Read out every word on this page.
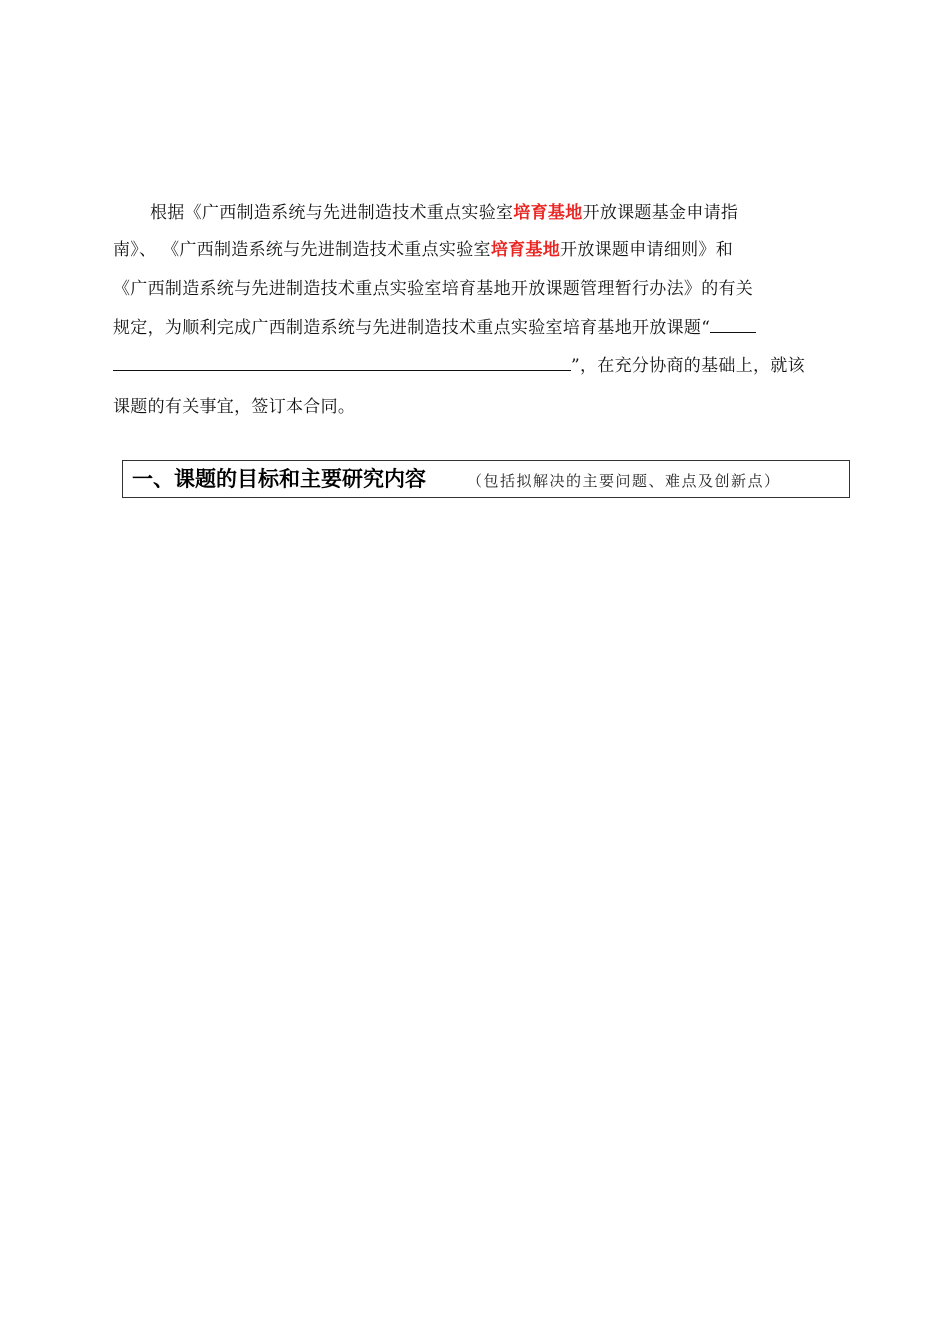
根据《广西制造系统与先进制造技术重点实验室培育基地开放课题基金申请指
南》、 《广西制造系统与先进制造技术重点实验室培育基地开放课题申请细则》和
《广西制造系统与先进制造技术重点实验室培育基地开放课题管理暂行办法》的有关
规定，为顺利完成广西制造系统与先进制造技术重点实验室培育基地开放课题“
”，在充分协商的基础上，就该
课题的有关事宜，签订本合同。
一、课题的目标和主要研究内容	（包括拟解决的主要问题、难点及创新点）
